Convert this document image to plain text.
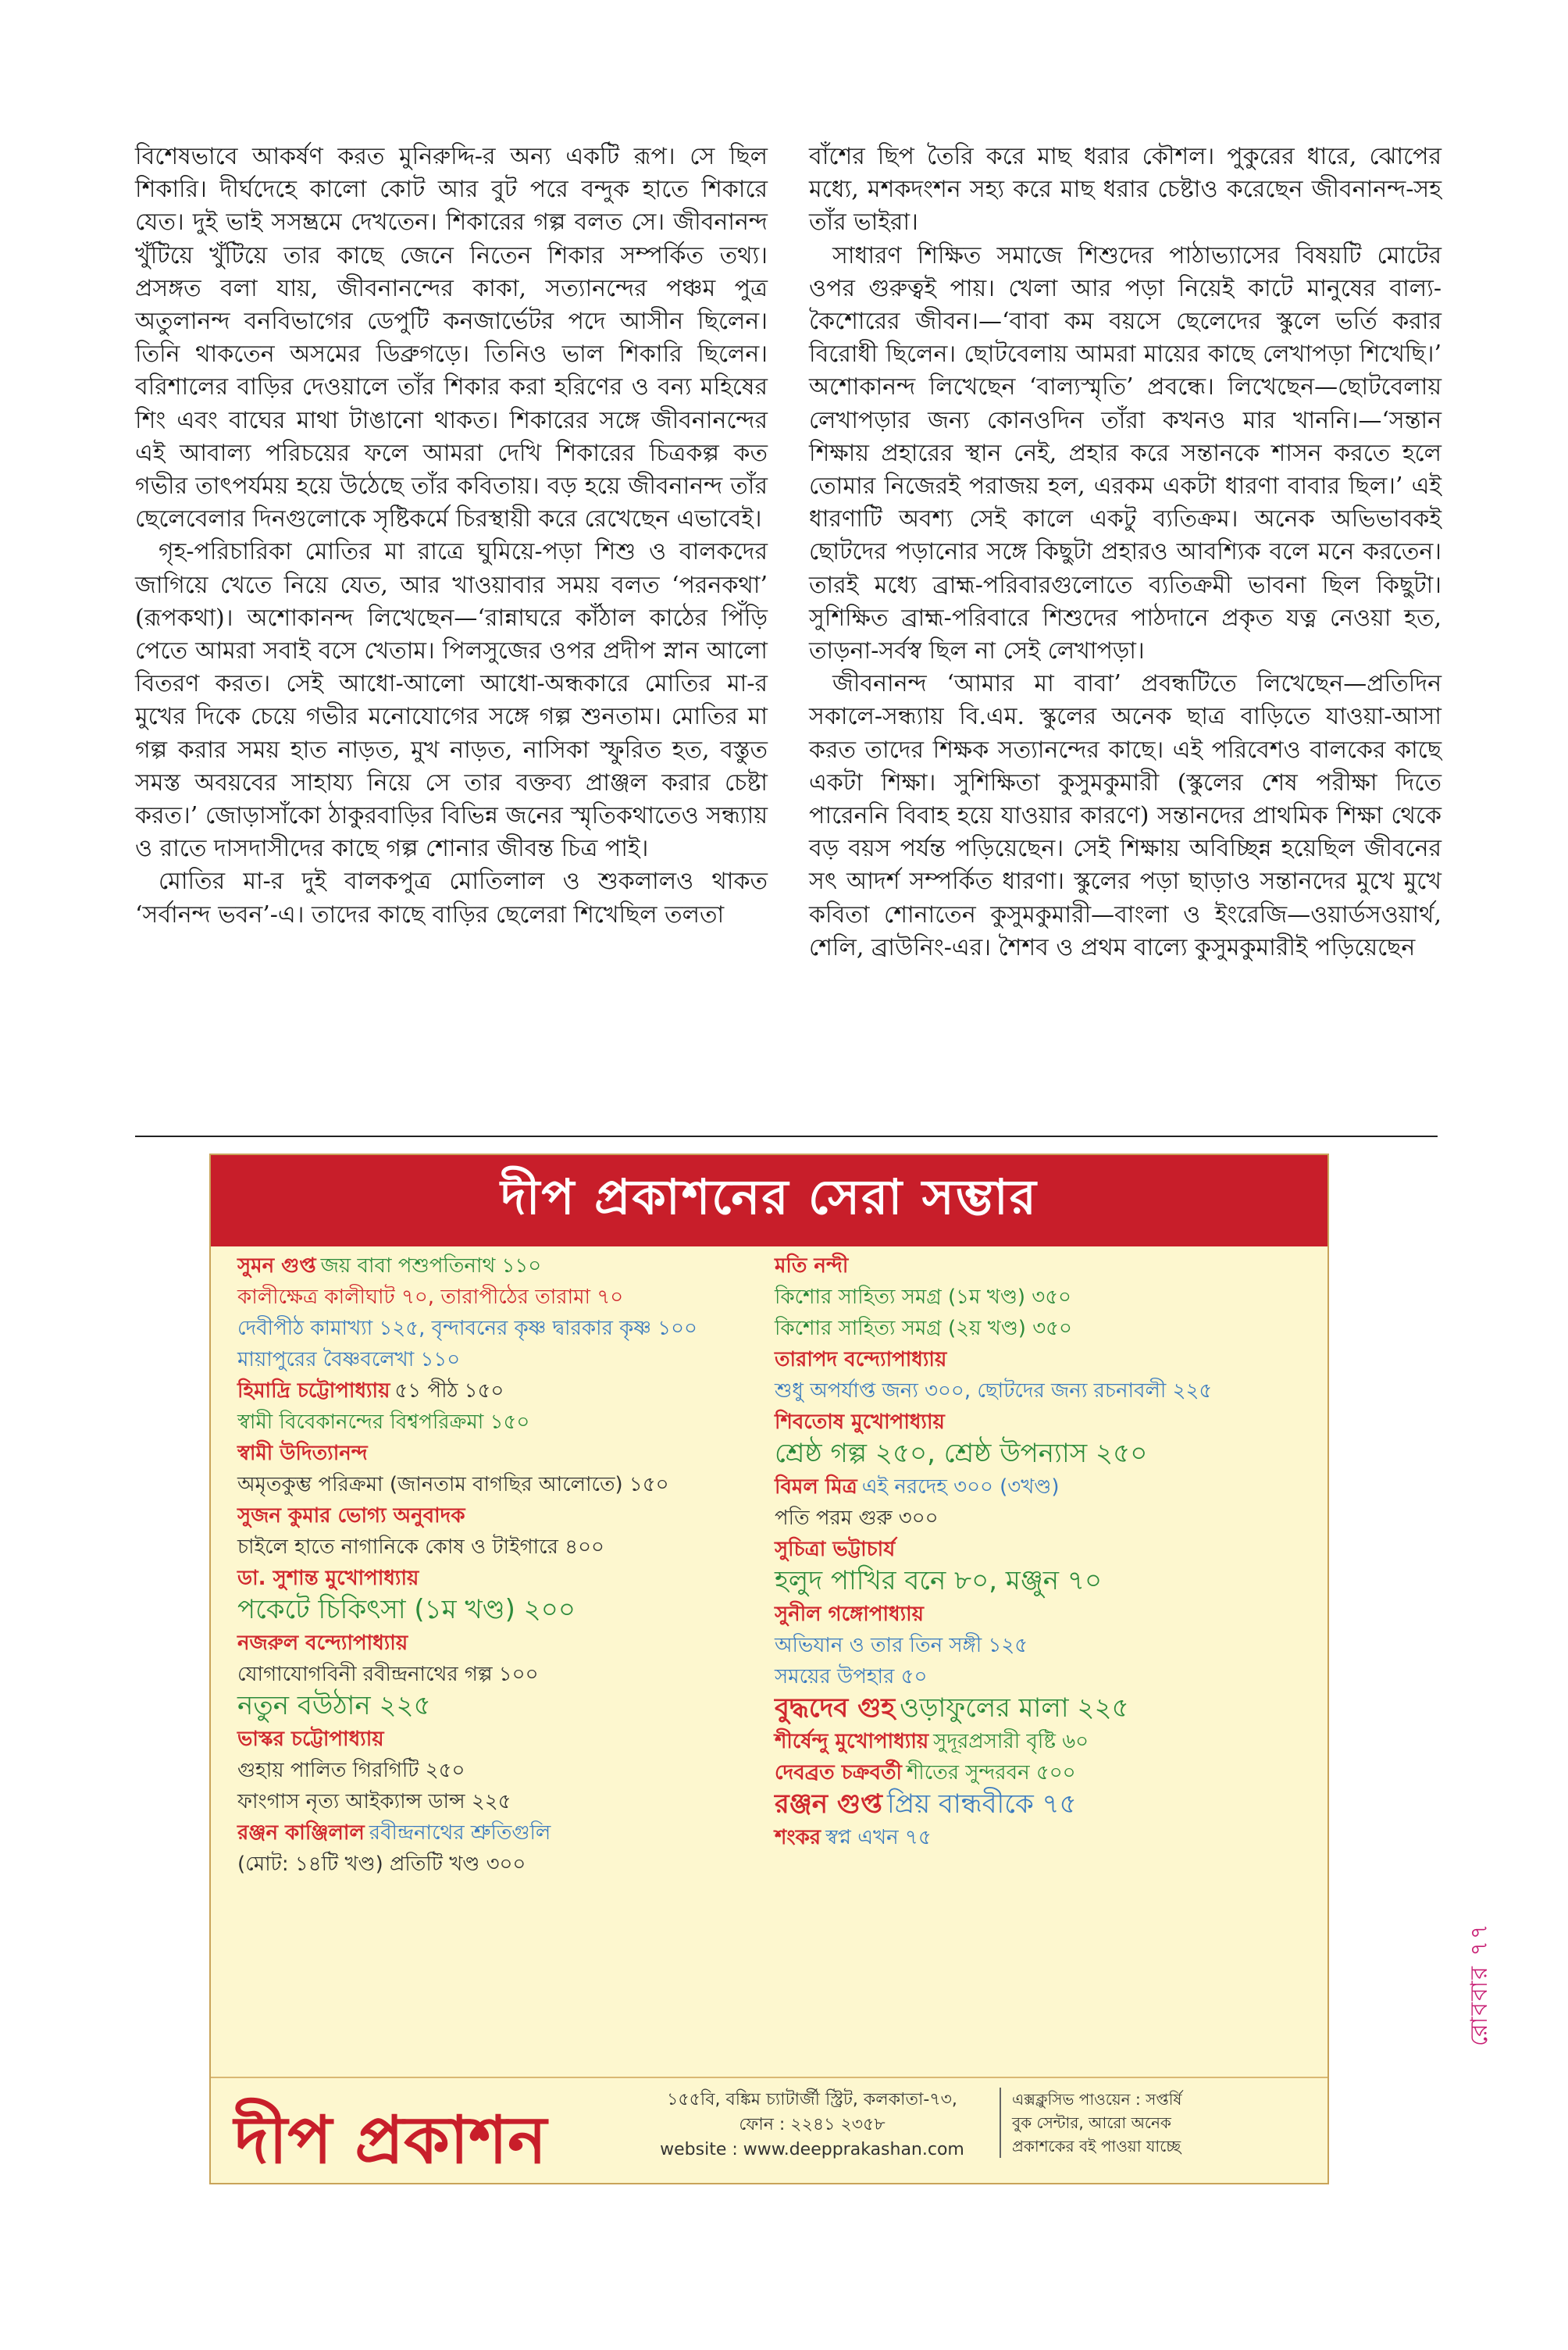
বিশেষভাবে আকর্ষণ করত মুনিরুদ্দি-র অন্য একটি রূপ। সে ছিল শিকারি। দীর্ঘদেহে কালো কোট আর বুট পরে বন্দুক হাতে শিকারে যেত। দুই ভাই সসম্ভ্রমে দেখতেন। শিকারের গল্প বলত সে। জীবনানন্দ খুঁটিয়ে খুঁটিয়ে তার কাছে জেনে নিতেন শিকার সম্পর্কিত তথ্য। প্রসঙ্গত বলা যায়, জীবনানন্দের কাকা, সত্যানন্দের পঞ্চম পুত্র অতুলানন্দ বনবিভাগের ডেপুটি কনজার্ভেটর পদে আসীন ছিলেন। তিনি থাকতেন অসমের ডিব্রুগড়ে। তিনিও ভাল শিকারি ছিলেন। বরিশালের বাড়ির দেওয়ালে তাঁর শিকার করা হরিণের ও বন্য মহিষের শিং এবং বাঘের মাথা টাঙানো থাকত। শিকারের সঙ্গে জীবনানন্দের এই আবাল্য পরিচয়ের ফলে আমরা দেখি শিকারের চিত্রকল্প কত গভীর তাৎপর্যময় হয়ে উঠেছে তাঁর কবিতায়। বড় হয়ে জীবনানন্দ তাঁর ছেলেবেলার দিনগুলোকে সৃষ্টিকর্মে চিরস্থায়ী করে রেখেছেন এভাবেই।

গৃহ-পরিচারিকা মোতির মা রাত্রে ঘুমিয়ে-পড়া শিশু ও বালকদের জাগিয়ে খেতে নিয়ে যেত, আর খাওয়াবার সময় বলত ‘পরনকথা’ (রূপকথা)। অশোকানন্দ লিখেছেন—‘রান্নাঘরে কাঁঠাল কাঠের পিঁড়ি পেতে আমরা সবাই বসে খেতাম। পিলসুজের ওপর প্রদীপ স্নান আলো বিতরণ করত। সেই আধো-আলো আধো-অন্ধকারে মোতির মা-র মুখের দিকে চেয়ে গভীর মনোযোগের সঙ্গে গল্প শুনতাম। মোতির মা গল্প করার সময় হাত নাড়ত, মুখ নাড়ত, নাসিকা স্ফুরিত হত, বস্তুত সমস্ত অবয়বের সাহায্য নিয়ে সে তার বক্তব্য প্রাঞ্জল করার চেষ্টা করত।’ জোড়াসাঁকো ঠাকুরবাড়ির বিভিন্ন জনের স্মৃতিকথাতেও সন্ধ্যায় ও রাতে দাসদাসীদের কাছে গল্প শোনার জীবন্ত চিত্র পাই।

মোতির মা-র দুই বালকপুত্র মোতিলাল ও শুকলালও থাকত ‘সর্বানন্দ ভবন’-এ। তাদের কাছে বাড়ির ছেলেরা শিখেছিল তলতা

বাঁশের ছিপ তৈরি করে মাছ ধরার কৌশল। পুকুরের ধারে, ঝোপের মধ্যে, মশকদংশন সহ্য করে মাছ ধরার চেষ্টাও করেছেন জীবনানন্দ-সহ তাঁর ভাইরা।

সাধারণ শিক্ষিত সমাজে শিশুদের পাঠাভ্যাসের বিষয়টি মোটের ওপর গুরুত্বই পায়। খেলা আর পড়া নিয়েই কাটে মানুষের বাল্য-কৈশোরের জীবন।—‘বাবা কম বয়সে ছেলেদের স্কুলে ভর্তি করার বিরোধী ছিলেন। ছোটবেলায় আমরা মায়ের কাছে লেখাপড়া শিখেছি।’ অশোকানন্দ লিখেছেন ‘বাল্যস্মৃতি’ প্রবন্ধে। লিখেছেন—ছোটবেলায় লেখাপড়ার জন্য কোনওদিন তাঁরা কখনও মার খাননি।—‘সন্তান শিক্ষায় প্রহারের স্থান নেই, প্রহার করে সন্তানকে শাসন করতে হলে তোমার নিজেরই পরাজয় হল, এরকম একটা ধারণা বাবার ছিল।’ এই ধারণাটি অবশ্য সেই কালে একটু ব্যতিক্রম। অনেক অভিভাবকই ছোটদের পড়ানোর সঙ্গে কিছুটা প্রহারও আবশ্যিক বলে মনে করতেন। তারই মধ্যে ব্রাহ্ম-পরিবারগুলোতে ব্যতিক্রমী ভাবনা ছিল কিছুটা। সুশিক্ষিত ব্রাহ্ম-পরিবারে শিশুদের পাঠদানে প্রকৃত যত্ন নেওয়া হত, তাড়না-সর্বস্ব ছিল না সেই লেখাপড়া।

জীবনানন্দ ‘আমার মা বাবা’ প্রবন্ধটিতে লিখেছেন—প্রতিদিন সকালে-সন্ধ্যায় বি.এম. স্কুলের অনেক ছাত্র বাড়িতে যাওয়া-আসা করত তাদের শিক্ষক সত্যানন্দের কাছে। এই পরিবেশও বালকের কাছে একটা শিক্ষা। সুশিক্ষিতা কুসুমকুমারী (স্কুলের শেষ পরীক্ষা দিতে পারেননি বিবাহ হয়ে যাওয়ার কারণে) সন্তানদের প্রাথমিক শিক্ষা থেকে বড় বয়স পর্যন্ত পড়িয়েছেন। সেই শিক্ষায় অবিচ্ছিন্ন হয়েছিল জীবনের সৎ আদর্শ সম্পর্কিত ধারণা। স্কুলের পড়া ছাড়াও সন্তানদের মুখে মুখে কবিতা শোনাতেন কুসুমকুমারী—বাংলা ও ইংরেজি—ওয়ার্ডসওয়ার্থ, শেলি, ব্রাউনিং-এর। শৈশব ও প্রথম বাল্যে কুসুমকুমারীই পড়িয়েছেন

দীপ প্রকাশনের সেরা সম্ভার

সুমন গুপ্ত জয় বাবা পশুপতিনাথ ১১০

কালীক্ষেত্র কালীঘাট ৭০, তারাপীঠের তারামা ৭০

দেবীপীঠ কামাখ্যা ১২৫, বৃন্দাবনের কৃষ্ণ দ্বারকার কৃষ্ণ ১০০

মায়াপুরের বৈষ্ণবলেখা ১১০

হিমাদ্রি চট্টোপাধ্যায় ৫১ পীঠ ১৫০

স্বামী বিবেকানন্দের বিশ্বপরিক্রমা ১৫০

স্বামী উদিত্যানন্দ

অমৃতকুম্ভ পরিক্রমা (জানতাম বাগছির আলোতে) ১৫০

সুজন কুমার ভোগ্য অনুবাদক

চাইলে হাতে নাগানিকে কোষ ও টাইগারে ৪০০

ডা. সুশান্ত মুখোপাধ্যায়

পকেটে চিকিৎসা (১ম খণ্ড) ২০০

নজরুল বন্দ্যোপাধ্যায়

যোগাযোগবিনী রবীন্দ্রনাথের গল্প ১০০

নতুন বউঠান ২২৫

ভাস্কর চট্টোপাধ্যায়

গুহায় পালিত গিরগিটি ২৫০

ফাংগাস নৃত্য আইক্যান্স ডান্স ২২৫

রঞ্জন কাঞ্জিলাল রবীন্দ্রনাথের শ্রুতিগুলি

(মোট: ১৪টি খণ্ড) প্রতিটি খণ্ড ৩০০

মতি নন্দী

কিশোর সাহিত্য সমগ্র (১ম খণ্ড) ৩৫০

কিশোর সাহিত্য সমগ্র (২য় খণ্ড) ৩৫০

তারাপদ বন্দ্যোপাধ্যায়

শুধু অপর্যাপ্ত জন্য ৩০০, ছোটদের জন্য রচনাবলী ২২৫

শিবতোষ মুখোপাধ্যায়

শ্রেষ্ঠ গল্প ২৫০, শ্রেষ্ঠ উপন্যাস ২৫০

বিমল মিত্র এই নরদেহ ৩০০ (৩খণ্ড)

পতি পরম গুরু ৩০০

সুচিত্রা ভট্টাচার্য

হলুদ পাখির বনে ৮০, মঞ্জুন ৭০

সুনীল গঙ্গোপাধ্যায়

অভিযান ও তার তিন সঙ্গী ১২৫

সময়ের উপহার ৫০

বুদ্ধদেব গুহ ওড়াফুলের মালা ২২৫

শীর্ষেন্দু মুখোপাধ্যায় সুদূরপ্রসারী বৃষ্টি ৬০

দেবব্রত চক্রবর্তী শীতের সুন্দরবন ৫০০

রঞ্জন গুপ্ত প্রিয় বান্ধবীকে ৭৫

শংকর স্বপ্ন এখন ৭৫

দীপ প্রকাশন
১৫৫বি, বঙ্কিম চ্যাটার্জী স্ট্রিট, কলকাতা-৭৩,
ফোন : ২২৪১ ২৩৫৮
website : www.deepprakashan.com
এক্সক্লুসিভ পাওয়েন : সপ্তর্ষি
বুক সেন্টার, আরো অনেক
প্রকাশকের বই পাওয়া যাচ্ছে
রোববার ৭৭
